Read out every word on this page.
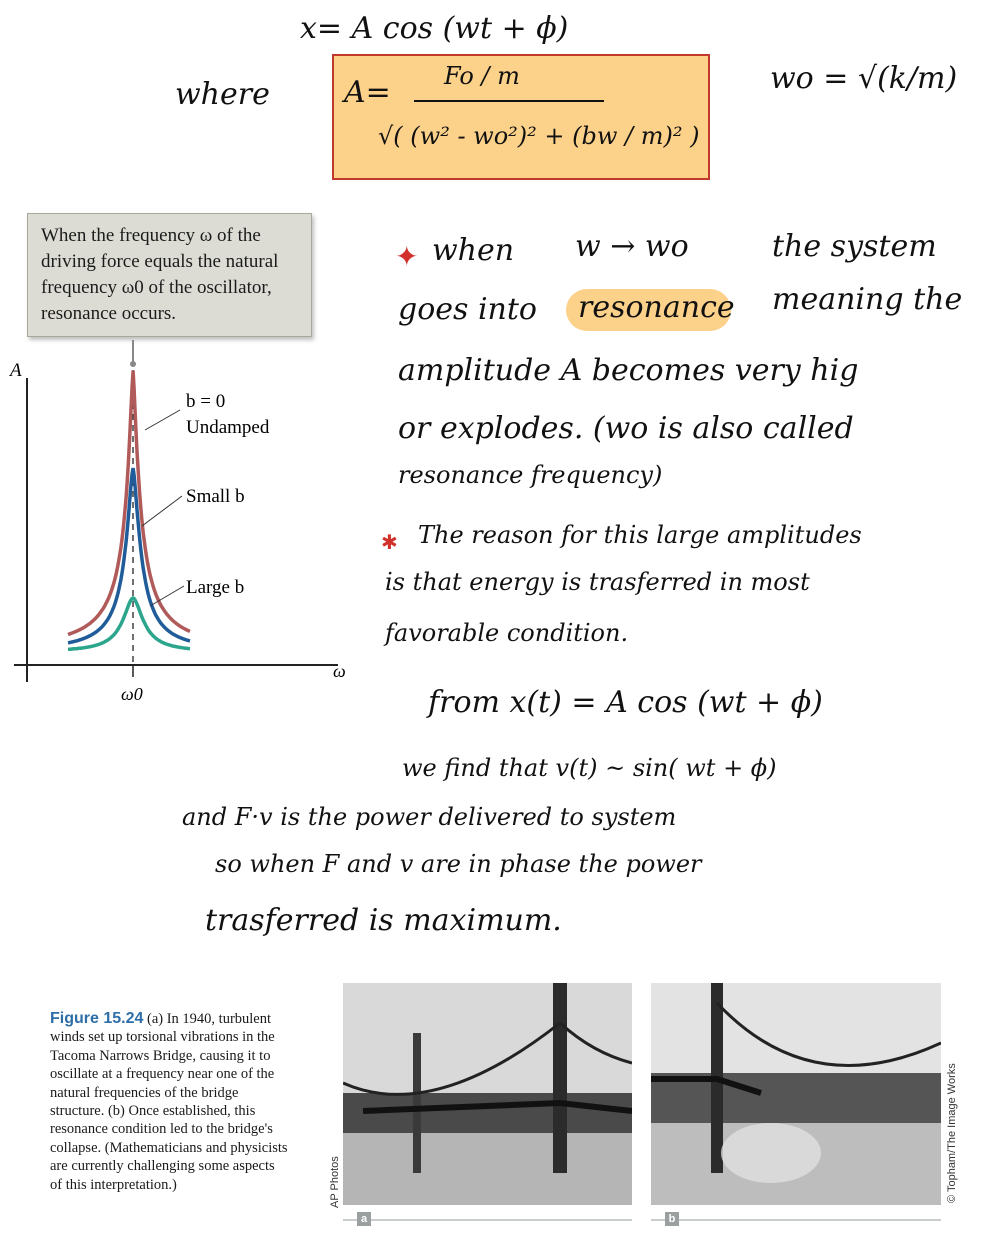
x= A cos (wt + ϕ)
where A= Fo / m
√( (w² - wo²)² + (bw / m)² )
wo = √(k/m)
When the frequency ω of the driving force equals the natural frequency ω0 of the oscillator, resonance occurs.
A
ω
ω0
b = 0
Undamped
Small b
Large b
✦ when w → wo	the system
goes into resonance meaning the
amplitude A becomes very hig
or explodes. (wo is also called
resonance frequency)
✱ The reason for this large amplitudes
is that energy is trasferred in most
favorable condition.
from x(t) = A cos (wt + ϕ)
we find that v(t) ~ sin( wt + ϕ)
and F·v is the power delivered to system
so when F and v are in phase the power
trasferred is maximum.
Figure 15.24 (a) In 1940, turbulent winds set up torsional vibrations in the Tacoma Narrows Bridge, causing it to oscillate at a frequency near one of the natural frequencies of the bridge structure. (b) Once established, this resonance condition led to the bridge's collapse. (Mathematicians and physicists are currently challenging some aspects of this interpretation.)	AP Photos
a	b
© Topham/The Image Works
